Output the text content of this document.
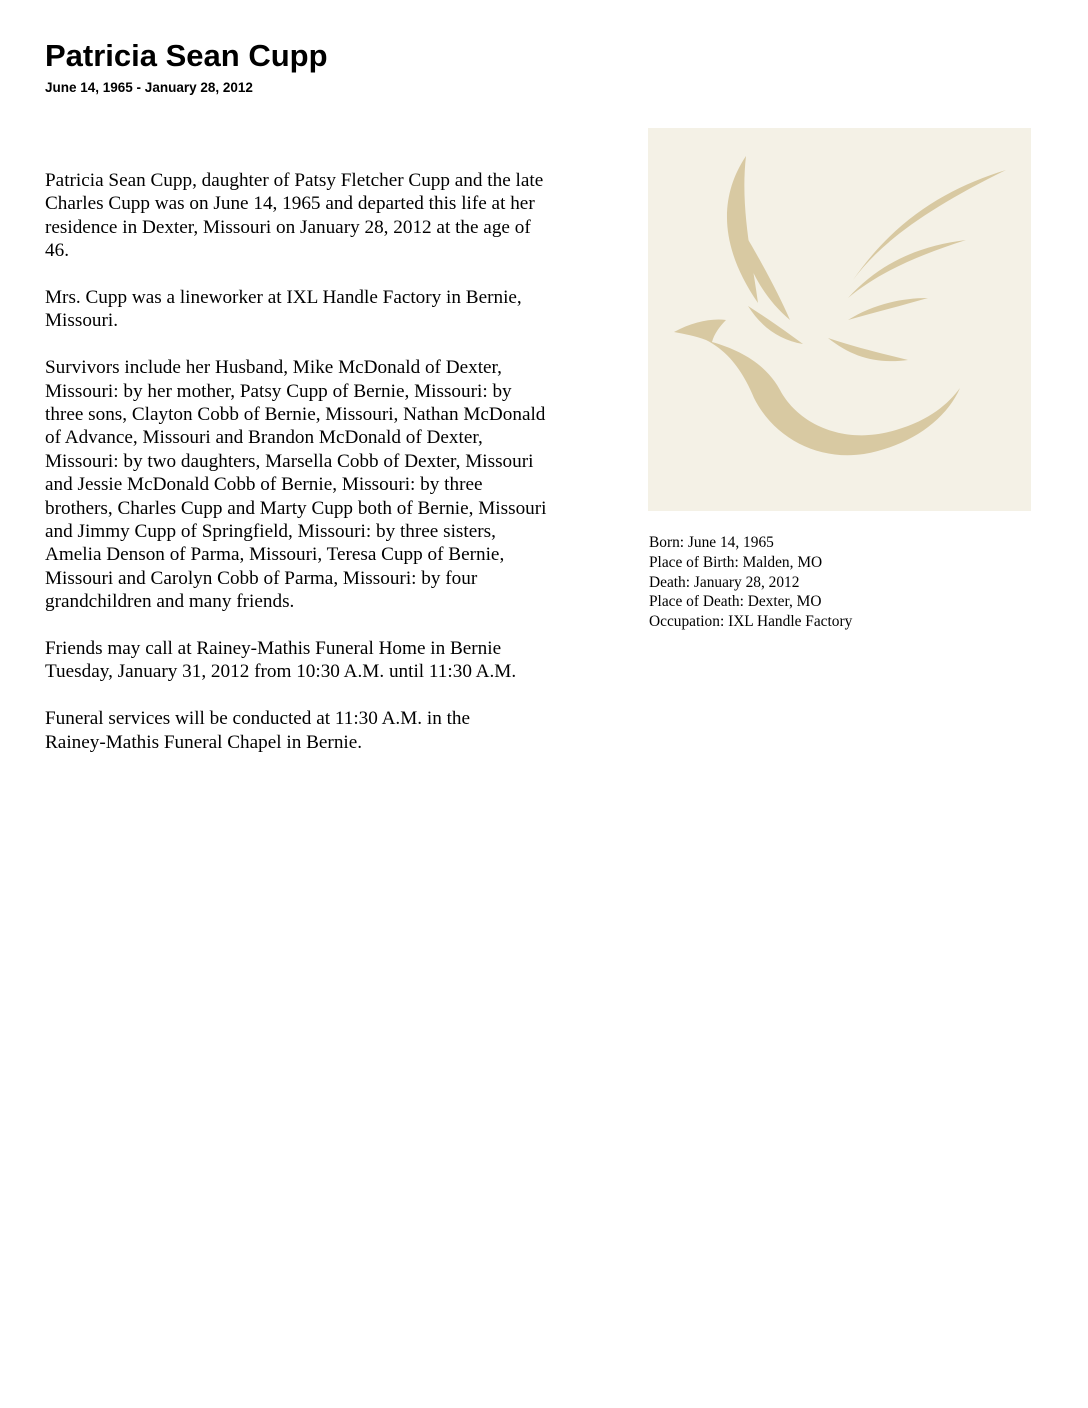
Patricia Sean Cupp
June 14, 1965 - January 28, 2012

Patricia Sean Cupp, daughter of Patsy Fletcher Cupp and the late
Charles Cupp was on June 14, 1965 and departed this life at her
residence in Dexter, Missouri on January 28, 2012 at the age of
46.

Mrs. Cupp was a lineworker at IXL Handle Factory in Bernie,
Missouri.

Survivors include her Husband, Mike McDonald of Dexter,
Missouri: by her mother, Patsy Cupp of Bernie, Missouri: by
three sons, Clayton Cobb of Bernie, Missouri, Nathan McDonald
of Advance, Missouri and Brandon McDonald of Dexter,
Missouri: by two daughters, Marsella Cobb of Dexter, Missouri
and Jessie McDonald Cobb of Bernie, Missouri: by three
brothers, Charles Cupp and Marty Cupp both of Bernie, Missouri
and Jimmy Cupp of Springfield, Missouri: by three sisters,
Amelia Denson of Parma, Missouri, Teresa Cupp of Bernie,
Missouri and Carolyn Cobb of Parma, Missouri: by four
grandchildren and many friends.

Friends may call at Rainey-Mathis Funeral Home in Bernie
Tuesday, January 31, 2012 from 10:30 A.M. until 11:30 A.M.

Funeral services will be conducted at 11:30 A.M. in the
Rainey-Mathis Funeral Chapel in Bernie.

Born: June 14, 1965
Place of Birth: Malden, MO
Death: January 28, 2012
Place of Death: Dexter, MO
Occupation: IXL Handle Factory
